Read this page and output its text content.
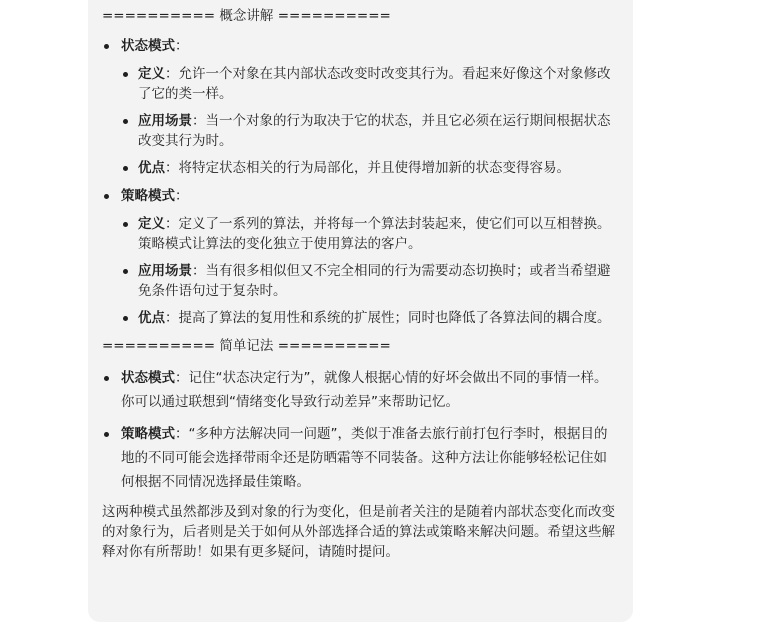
========== 概念讲解 ==========
状态模式：
定义：允许一个对象在其内部状态改变时改变其行为。看起来好像这个对象修改了它的类一样。
应用场景：当一个对象的行为取决于它的状态，并且它必须在运行期间根据状态改变其行为时。
优点：将特定状态相关的行为局部化，并且使得增加新的状态变得容易。
策略模式：
定义：定义了一系列的算法，并将每一个算法封装起来，使它们可以互相替换。策略模式让算法的变化独立于使用算法的客户。
应用场景：当有很多相似但又不完全相同的行为需要动态切换时；或者当希望避免条件语句过于复杂时。
优点：提高了算法的复用性和系统的扩展性；同时也降低了各算法间的耦合度。
========== 简单记法 ==========
状态模式：记住“状态决定行为”，就像人根据心情的好坏会做出不同的事情一样。你可以通过联想到“情绪变化导致行动差异”来帮助记忆。
策略模式：“多种方法解决同一问题”，类似于准备去旅行前打包行李时，根据目的地的不同可能会选择带雨伞还是防晒霜等不同装备。这种方法让你能够轻松记住如何根据不同情况选择最佳策略。
这两种模式虽然都涉及到对象的行为变化，但是前者关注的是随着内部状态变化而改变的对象行为，后者则是关于如何从外部选择合适的算法或策略来解决问题。希望这些解释对你有所帮助！如果有更多疑问，请随时提问。
